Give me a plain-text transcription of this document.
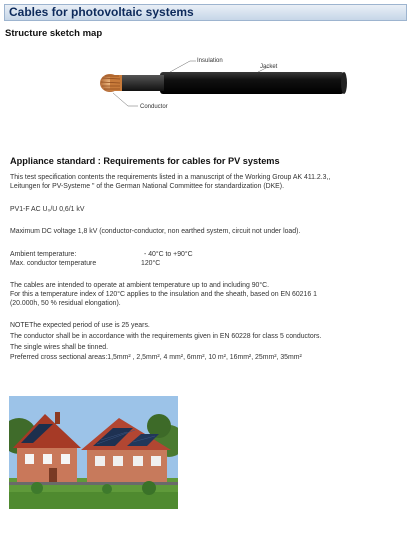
Cables for photovoltaic systems
Structure sketch map
Insulation
Jacket
Conductor
Appliance standard : Requirements for cables for PV systems
This test specification contents the requirements listed in a manuscript of the Working Group AK 411.2.3,,
Leitungen for PV-Systeme " of the German National Committee for standardization (DKE).
PV1-F AC U₀/U 0,6/1 kV
Maximum DC voltage 1,8 kV (conductor-conductor, non earthed system, circuit not under load).
Ambient temperature:	- 40°C to +90°C
Max. conductor temperature	120°C
The cables are intended to operate at ambient temperature up to and including 90°C.
For this a temperature index of 120°C applies to the insulation and the sheath, based on EN 60216 1
(20.000h, 50 % residual elongation).
NOTEThe expected period of use is 25 years.
The conductor shall be in accordance with the requirements given in EN 60228 for class 5 conductors.
The single wires shall be tinned.
Preferred cross sectional areas:1,5mm² , 2,5mm², 4 mm², 6mm², 10 m², 16mm², 25mm², 35mm²
